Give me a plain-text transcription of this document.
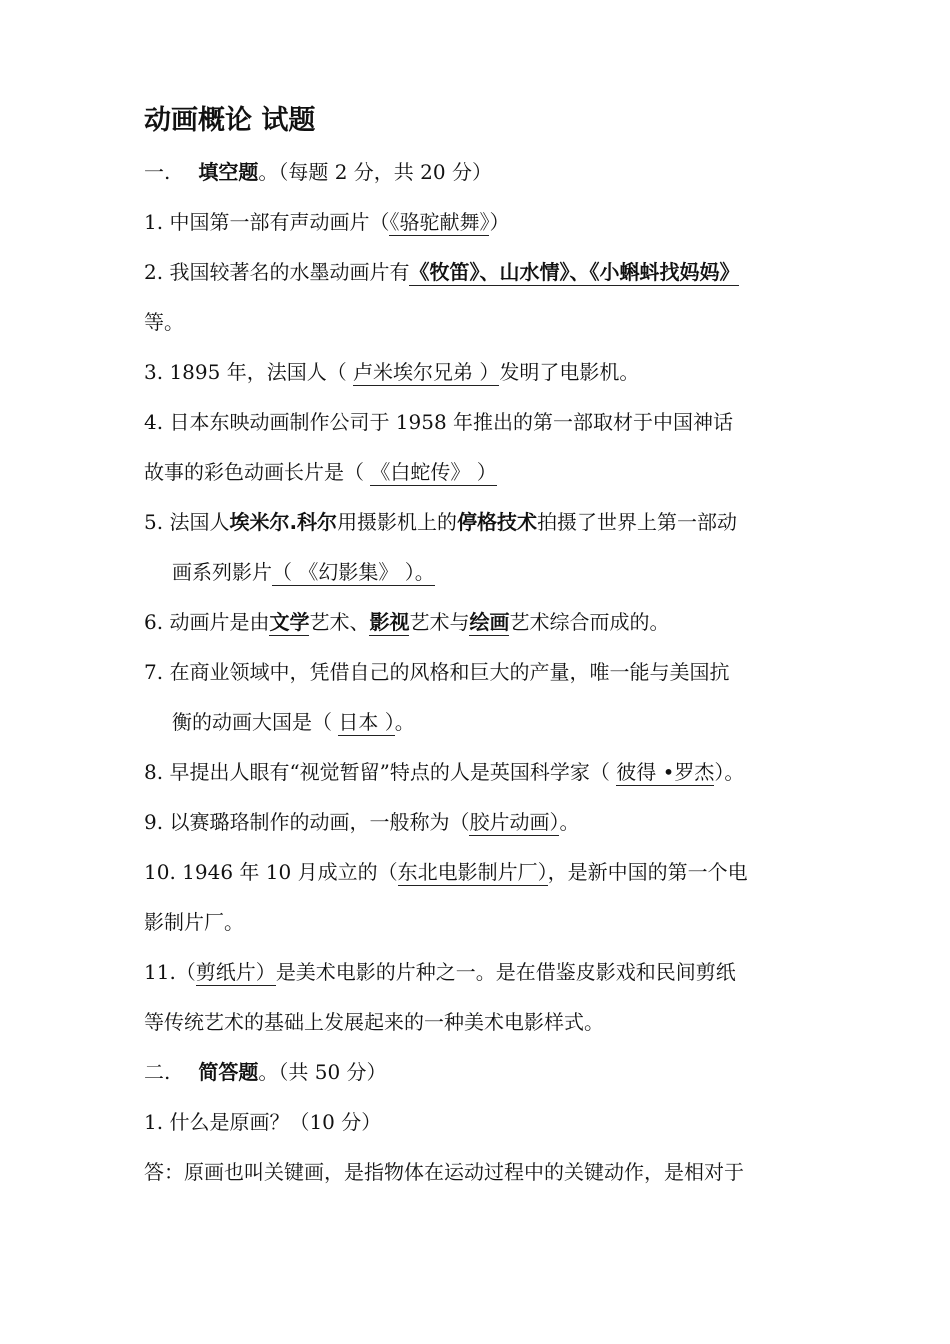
动画概论 试题
一. 填空题。（每题 2 分，共 20 分）
1. 中国第一部有声动画片（《骆驼献舞》）
2. 我国较著名的水墨动画片有《牧笛》、山水情》、《小蝌蚪找妈妈》
等。
3. 1895 年，法国人（ 卢米埃尔兄弟 ）发明了电影机。
4. 日本东映动画制作公司于 1958 年推出的第一部取材于中国神话
故事的彩色动画长片是（ 《白蛇传》 ）
5. 法国人埃米尔.科尔用摄影机上的停格技术拍摄了世界上第一部动
画系列影片（ 《幻影集》 ）。
6. 动画片是由文学艺术、影视艺术与绘画艺术综合而成的。
7. 在商业领域中，凭借自己的风格和巨大的产量，唯一能与美国抗
衡的动画大国是（ 日本 ）。
8. 早提出人眼有“视觉暂留”特点的人是英国科学家（ 彼得 •罗杰）。
9. 以赛璐珞制作的动画，一般称为（胶片动画）。
10. 1946 年 10 月成立的（东北电影制片厂），是新中国的第一个电
影制片厂。
11.（剪纸片）是美术电影的片种之一。是在借鉴皮影戏和民间剪纸
等传统艺术的基础上发展起来的一种美术电影样式。
二. 简答题。（共 50 分）
1. 什么是原画？（10 分）
答：原画也叫关键画，是指物体在运动过程中的关键动作，是相对于
